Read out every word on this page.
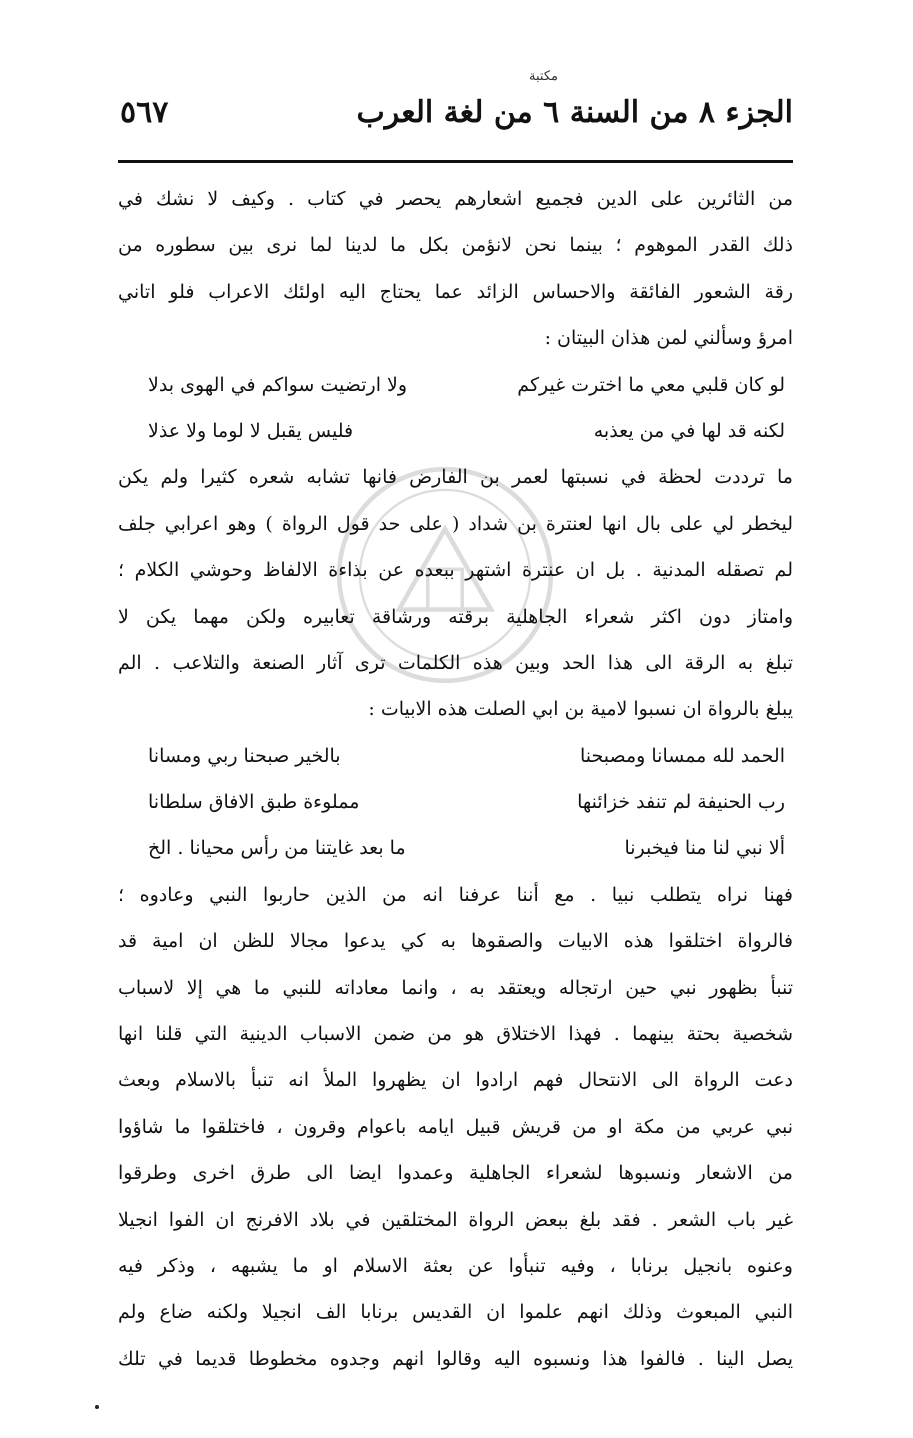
مكتبة
الجزء ٨ من السنة ٦ من لغة العرب
٥٦٧
من الثائرين على الدين فجميع اشعارهم يحصر في كتاب . وكيف لا نشك في
ذلك القدر الموهوم ؛ بينما نحن لانؤمن بكل ما لدينا لما نرى بين سطوره من
رقة الشعور الفائقة والاحساس الزائد عما يحتاج اليه اولئك الاعراب فلو اتاني
امرؤ وسألني لمن هذان البيتان :
لو كان قلبي معي ما اخترت غيركم
ولا ارتضيت سواكم في الهوى بدلا
لكنه قد لها في من يعذبه
فليس يقبل لا لوما ولا عذلا
ما ترددت لحظة في نسبتها لعمر بن الفارض فانها تشابه شعره كثيرا ولم يكن
ليخطر لي على بال انها لعنترة بن شداد ( على حد قول الرواة ) وهو اعرابي جلف
لم تصقله المدنية . بل ان عنترة اشتهر ببعده عن بذاءة الالفاظ وحوشي الكلام ؛
وامتاز دون اكثر شعراء الجاهلية برقته ورشاقة تعابيره ولكن مهما يكن لا
تبلغ به الرقة الى هذا الحد وبين هذه الكلمات ترى آثار الصنعة والتلاعب . الم
يبلغ بالرواة ان نسبوا لامية بن ابي الصلت هذه الابيات :
الحمد لله ممسانا ومصبحنا
بالخير صبحنا ربي ومسانا
رب الحنيفة لم تنفد خزائنها
مملوءة طبق الافاق سلطانا
ألا نبي لنا منا فيخبرنا
ما بعد غايتنا من رأس محيانا . الخ
فهنا نراه يتطلب نبيا . مع أننا عرفنا انه من الذين حاربوا النبي وعادوه ؛
فالرواة اختلقوا هذه الابيات والصقوها به كي يدعوا مجالا للظن ان امية قد
تنبأ بظهور نبي حين ارتجاله ويعتقد به ، وانما معاداته للنبي ما هي إلا لاسباب
شخصية بحتة بينهما . فهذا الاختلاق هو من ضمن الاسباب الدينية التي قلنا انها
دعت الرواة الى الانتحال فهم ارادوا ان يظهروا الملأ انه تنبأ بالاسلام وبعث
نبي عربي من مكة او من قريش قبيل ايامه باعوام وقرون ، فاختلقوا ما شاؤوا
من الاشعار ونسبوها لشعراء الجاهلية وعمدوا ايضا الى طرق اخرى وطرقوا
غير باب الشعر . فقد بلغ ببعض الرواة المختلقين في بلاد الافرنج ان الفوا انجيلا
وعنوه بانجيل برنابا ، وفيه تنبأوا عن بعثة الاسلام او ما يشبهه ، وذكر فيه
النبي المبعوث وذلك انهم علموا ان القديس برنابا الف انجيلا ولكنه ضاع ولم
يصل الينا . فالفوا هذا ونسبوه اليه وقالوا انهم وجدوه مخطوطا قديما في تلك
